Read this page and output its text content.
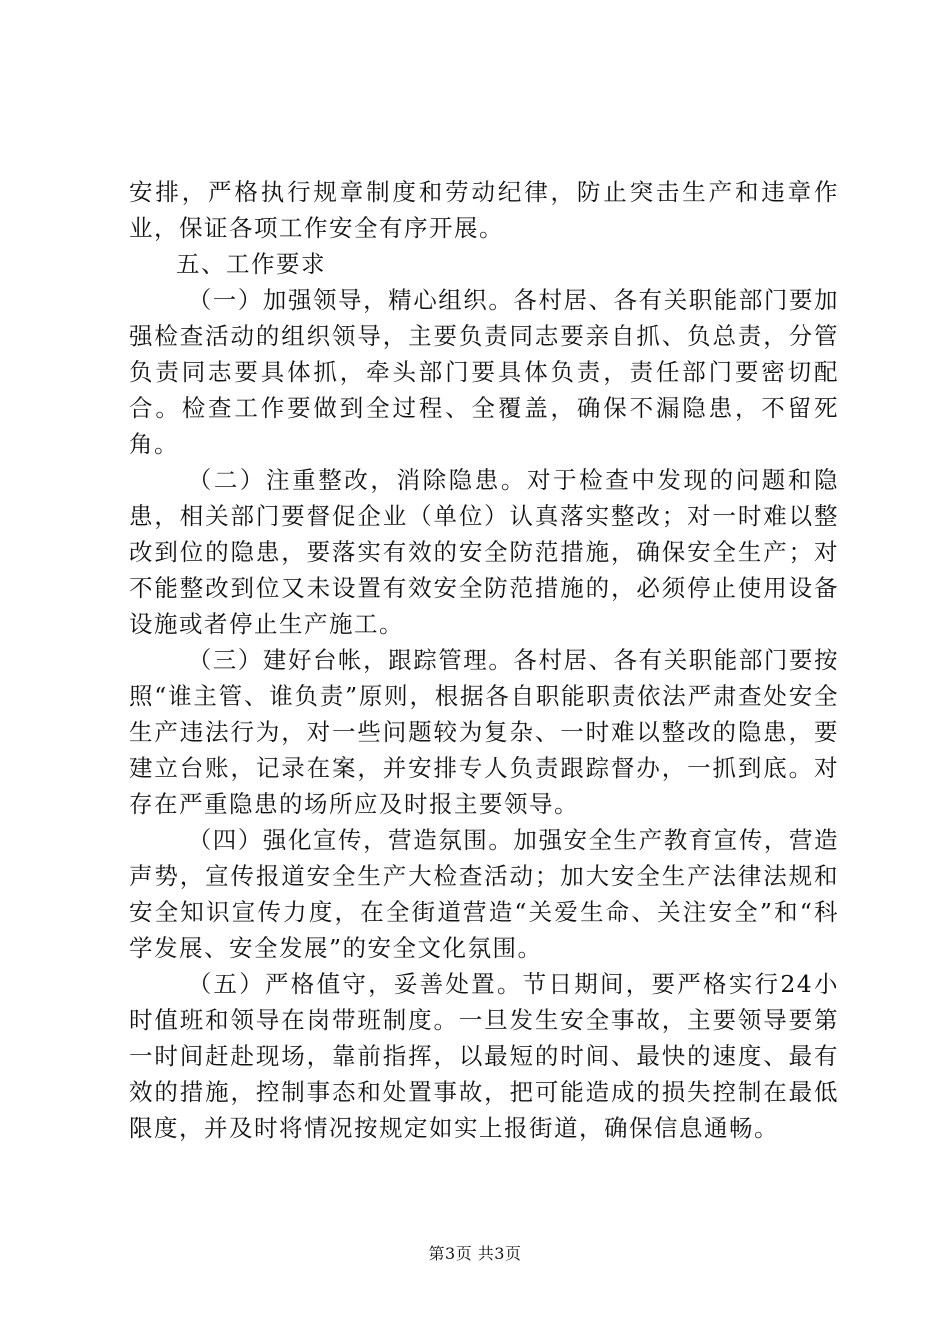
安排，严格执行规章制度和劳动纪律，防止突击生产和违章作业，保证各项工作安全有序开展。

五、工作要求

（一）加强领导，精心组织。各村居、各有关职能部门要加强检查活动的组织领导，主要负责同志要亲自抓、负总责，分管负责同志要具体抓，牵头部门要具体负责，责任部门要密切配合。检查工作要做到全过程、全覆盖，确保不漏隐患，不留死角。

（二）注重整改，消除隐患。对于检查中发现的问题和隐患，相关部门要督促企业（单位）认真落实整改；对一时难以整改到位的隐患，要落实有效的安全防范措施，确保安全生产；对不能整改到位又未设置有效安全防范措施的，必须停止使用设备设施或者停止生产施工。

（三）建好台帐，跟踪管理。各村居、各有关职能部门要按照“谁主管、谁负责”原则，根据各自职能职责依法严肃查处安全生产违法行为，对一些问题较为复杂、一时难以整改的隐患，要建立台账，记录在案，并安排专人负责跟踪督办，一抓到底。对存在严重隐患的场所应及时报主要领导。

（四）强化宣传，营造氛围。加强安全生产教育宣传，营造声势，宣传报道安全生产大检查活动；加大安全生产法律法规和安全知识宣传力度，在全街道营造“关爱生命、关注安全”和“科学发展、安全发展”的安全文化氛围。

（五）严格值守，妥善处置。节日期间，要严格实行24小时值班和领导在岗带班制度。一旦发生安全事故，主要领导要第一时间赶赴现场，靠前指挥，以最短的时间、最快的速度、最有效的措施，控制事态和处置事故，把可能造成的损失控制在最低限度，并及时将情况按规定如实上报街道，确保信息通畅。

第3页 共3页
